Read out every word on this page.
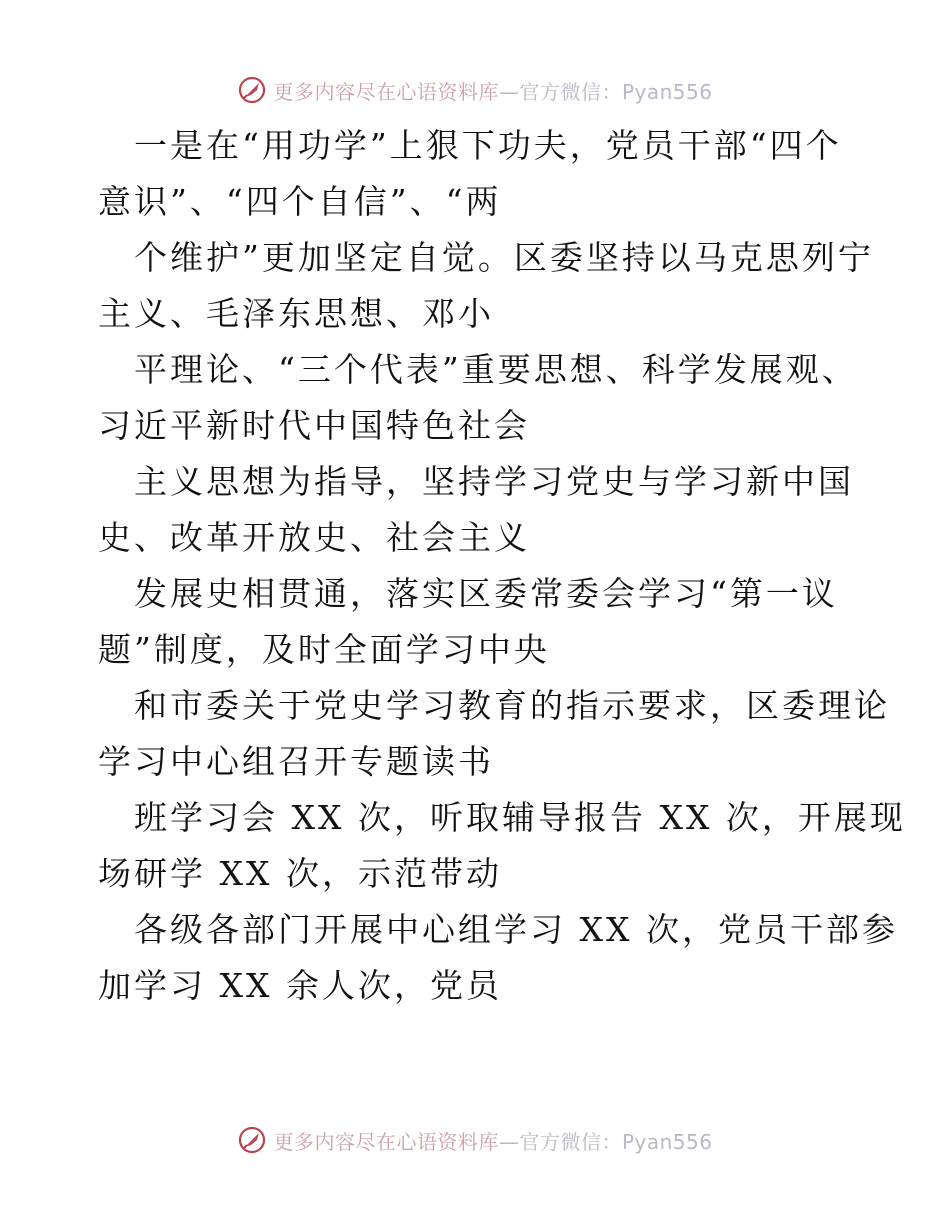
更多内容尽在心语资料库—官方微信：Pyan556
一是在“用功学”上狠下功夫，党员干部“四个
意识”、“四个自信”、“两
个维护”更加坚定自觉。区委坚持以马克思列宁
主义、毛泽东思想、邓小
平理论、“三个代表”重要思想、科学发展观、
习近平新时代中国特色社会
主义思想为指导，坚持学习党史与学习新中国
史、改革开放史、社会主义
发展史相贯通，落实区委常委会学习“第一议
题”制度，及时全面学习中央
和市委关于党史学习教育的指示要求，区委理论
学习中心组召开专题读书
班学习会 XX 次，听取辅导报告 XX 次，开展现
场研学 XX 次，示范带动
各级各部门开展中心组学习 XX 次，党员干部参
加学习 XX 余人次，党员
更多内容尽在心语资料库—官方微信：Pyan556
